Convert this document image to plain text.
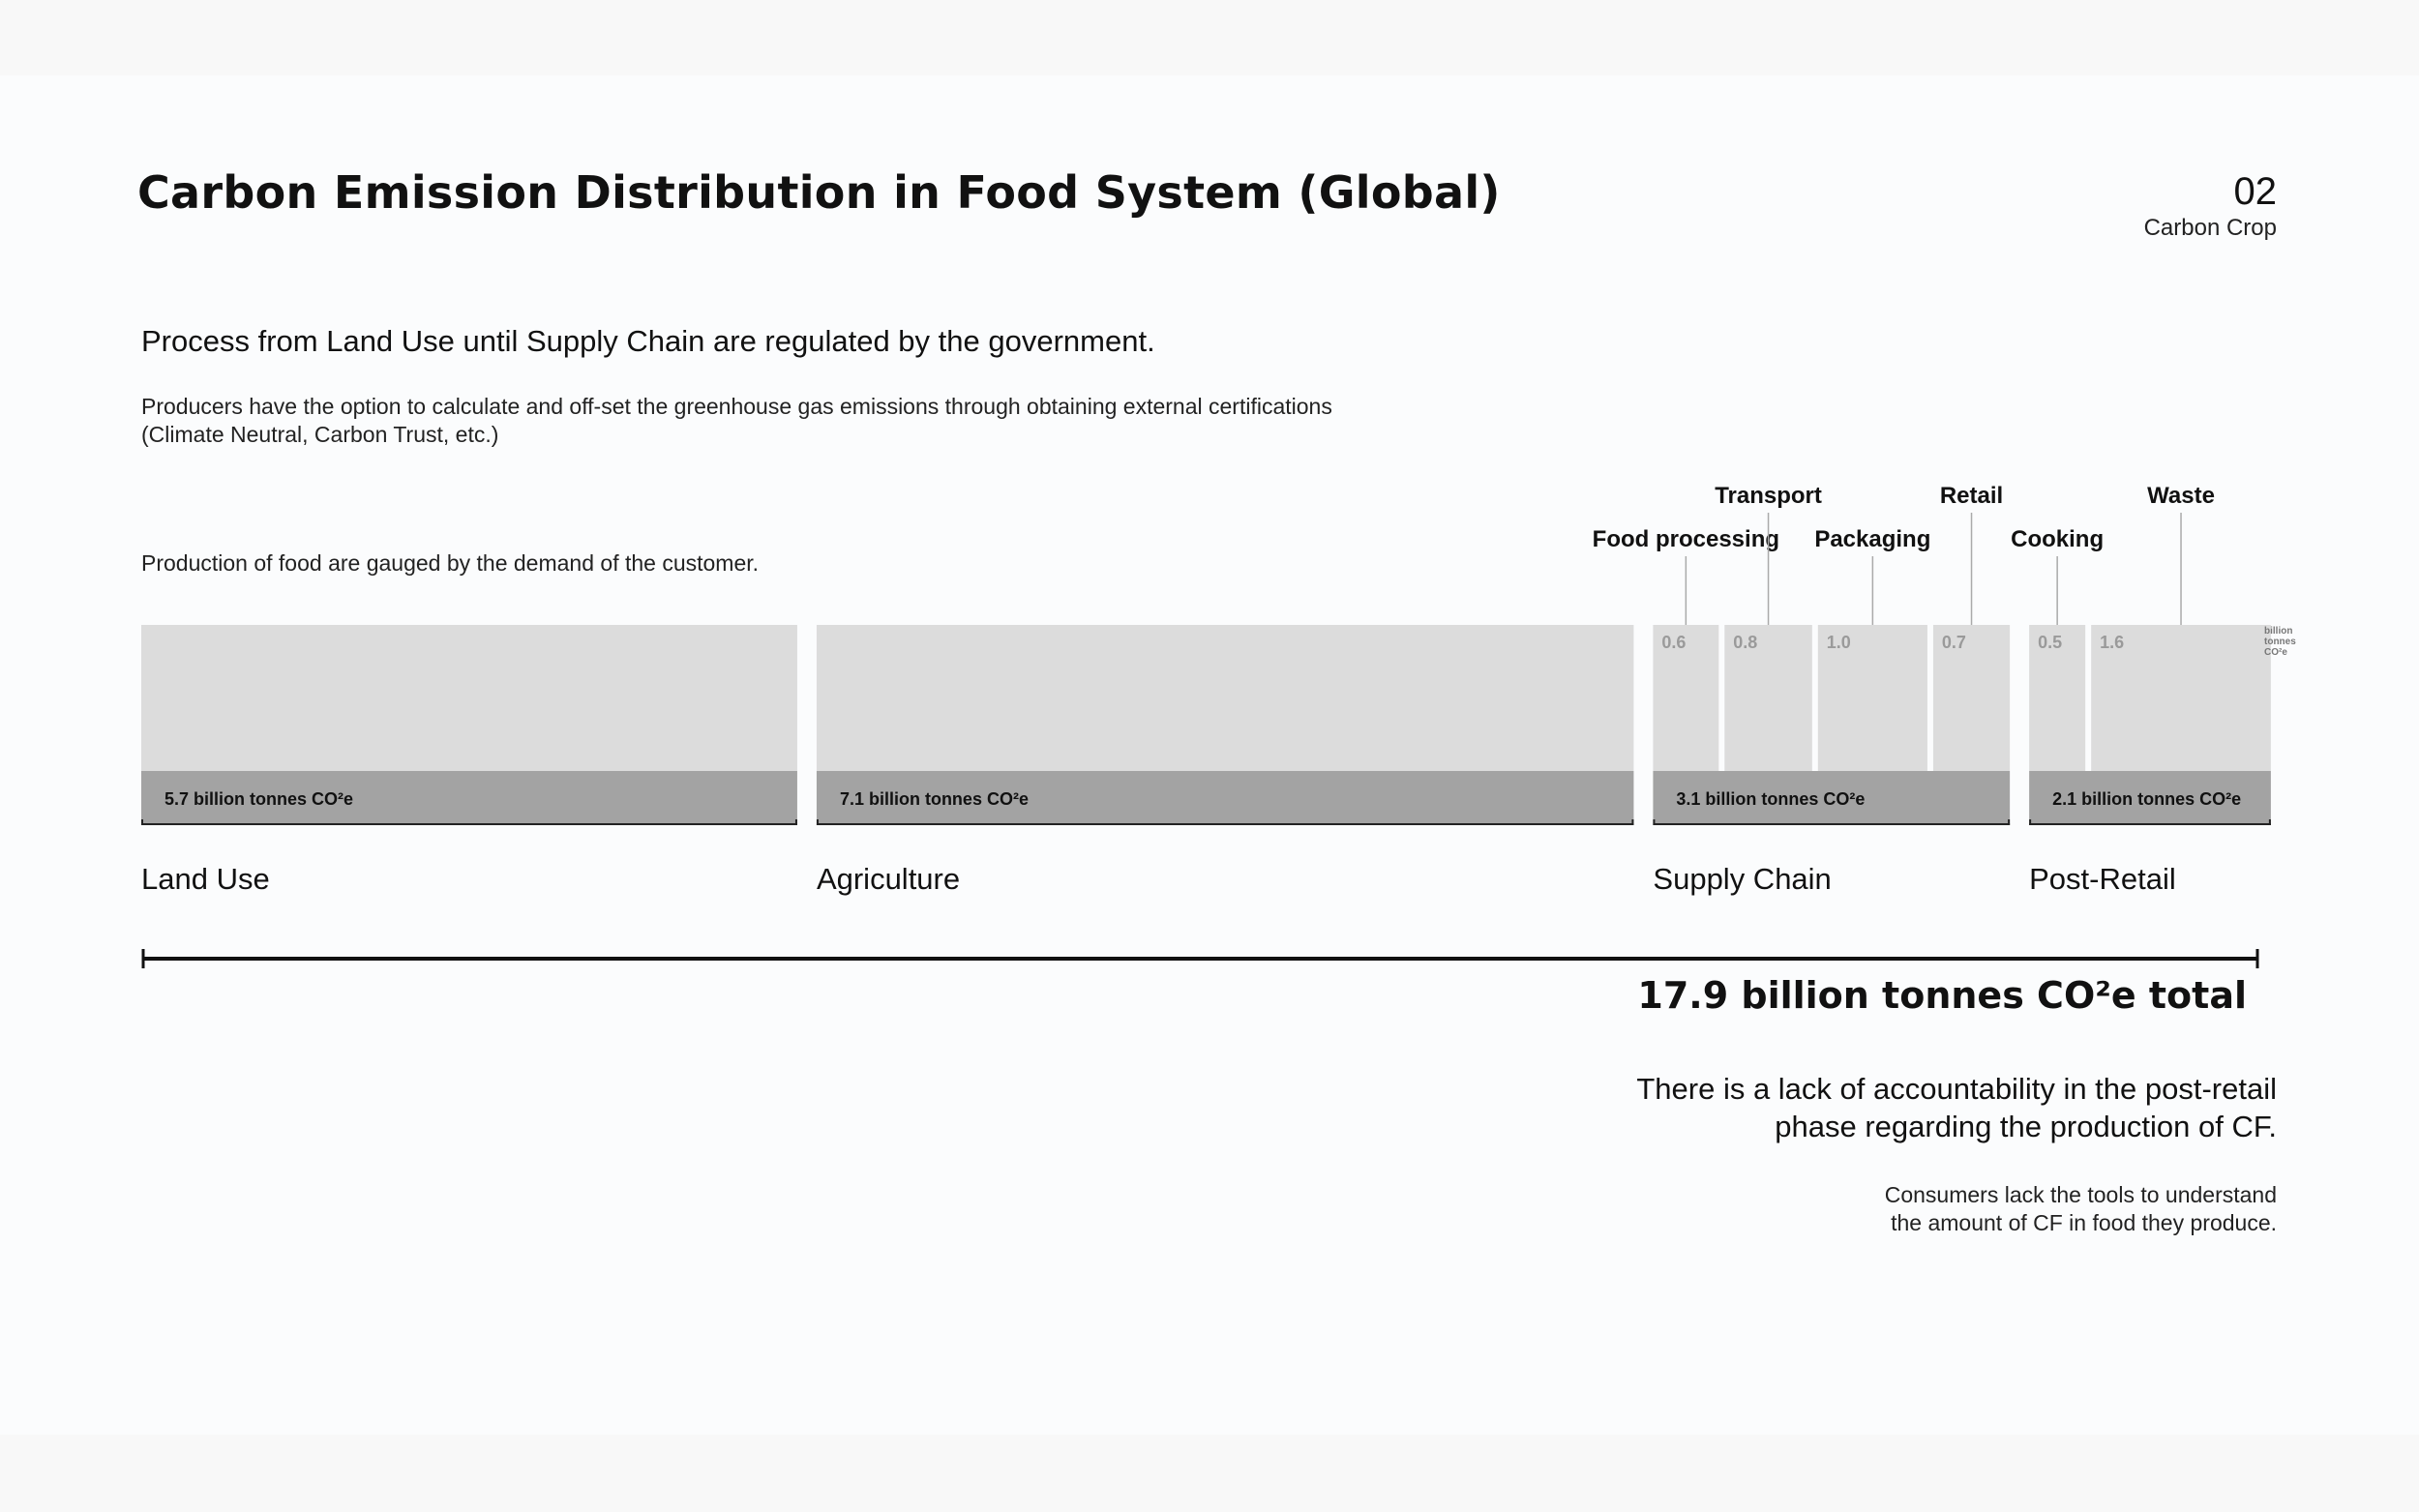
Carbon Emission Distribution in Food System (Global)	02
Carbon Crop
Process from Land Use until Supply Chain are regulated by the government.
Producers have the option to calculate and off-set the greenhouse gas emissions through obtaining external certifications
(Climate Neutral, Carbon Trust, etc.)
Production of food are gauged by the demand of the customer.
5.7 billion tonnes CO²e
Land Use
7.1 billion tonnes CO²e
Agriculture
3.1 billion tonnes CO²e
Supply Chain
2.1 billion tonnes CO²e
Post-Retail
0.6
Food processing
0.8
Transport
1.0
Packaging
0.7
Retail
0.5
Cooking
1.6
Waste
billion
tonnes
CO²e
17.9 billion tonnes CO²e total
There is a lack of accountability in the post-retail
phase regarding the production of CF.
Consumers lack the tools to understand
the amount of CF in food they produce.
